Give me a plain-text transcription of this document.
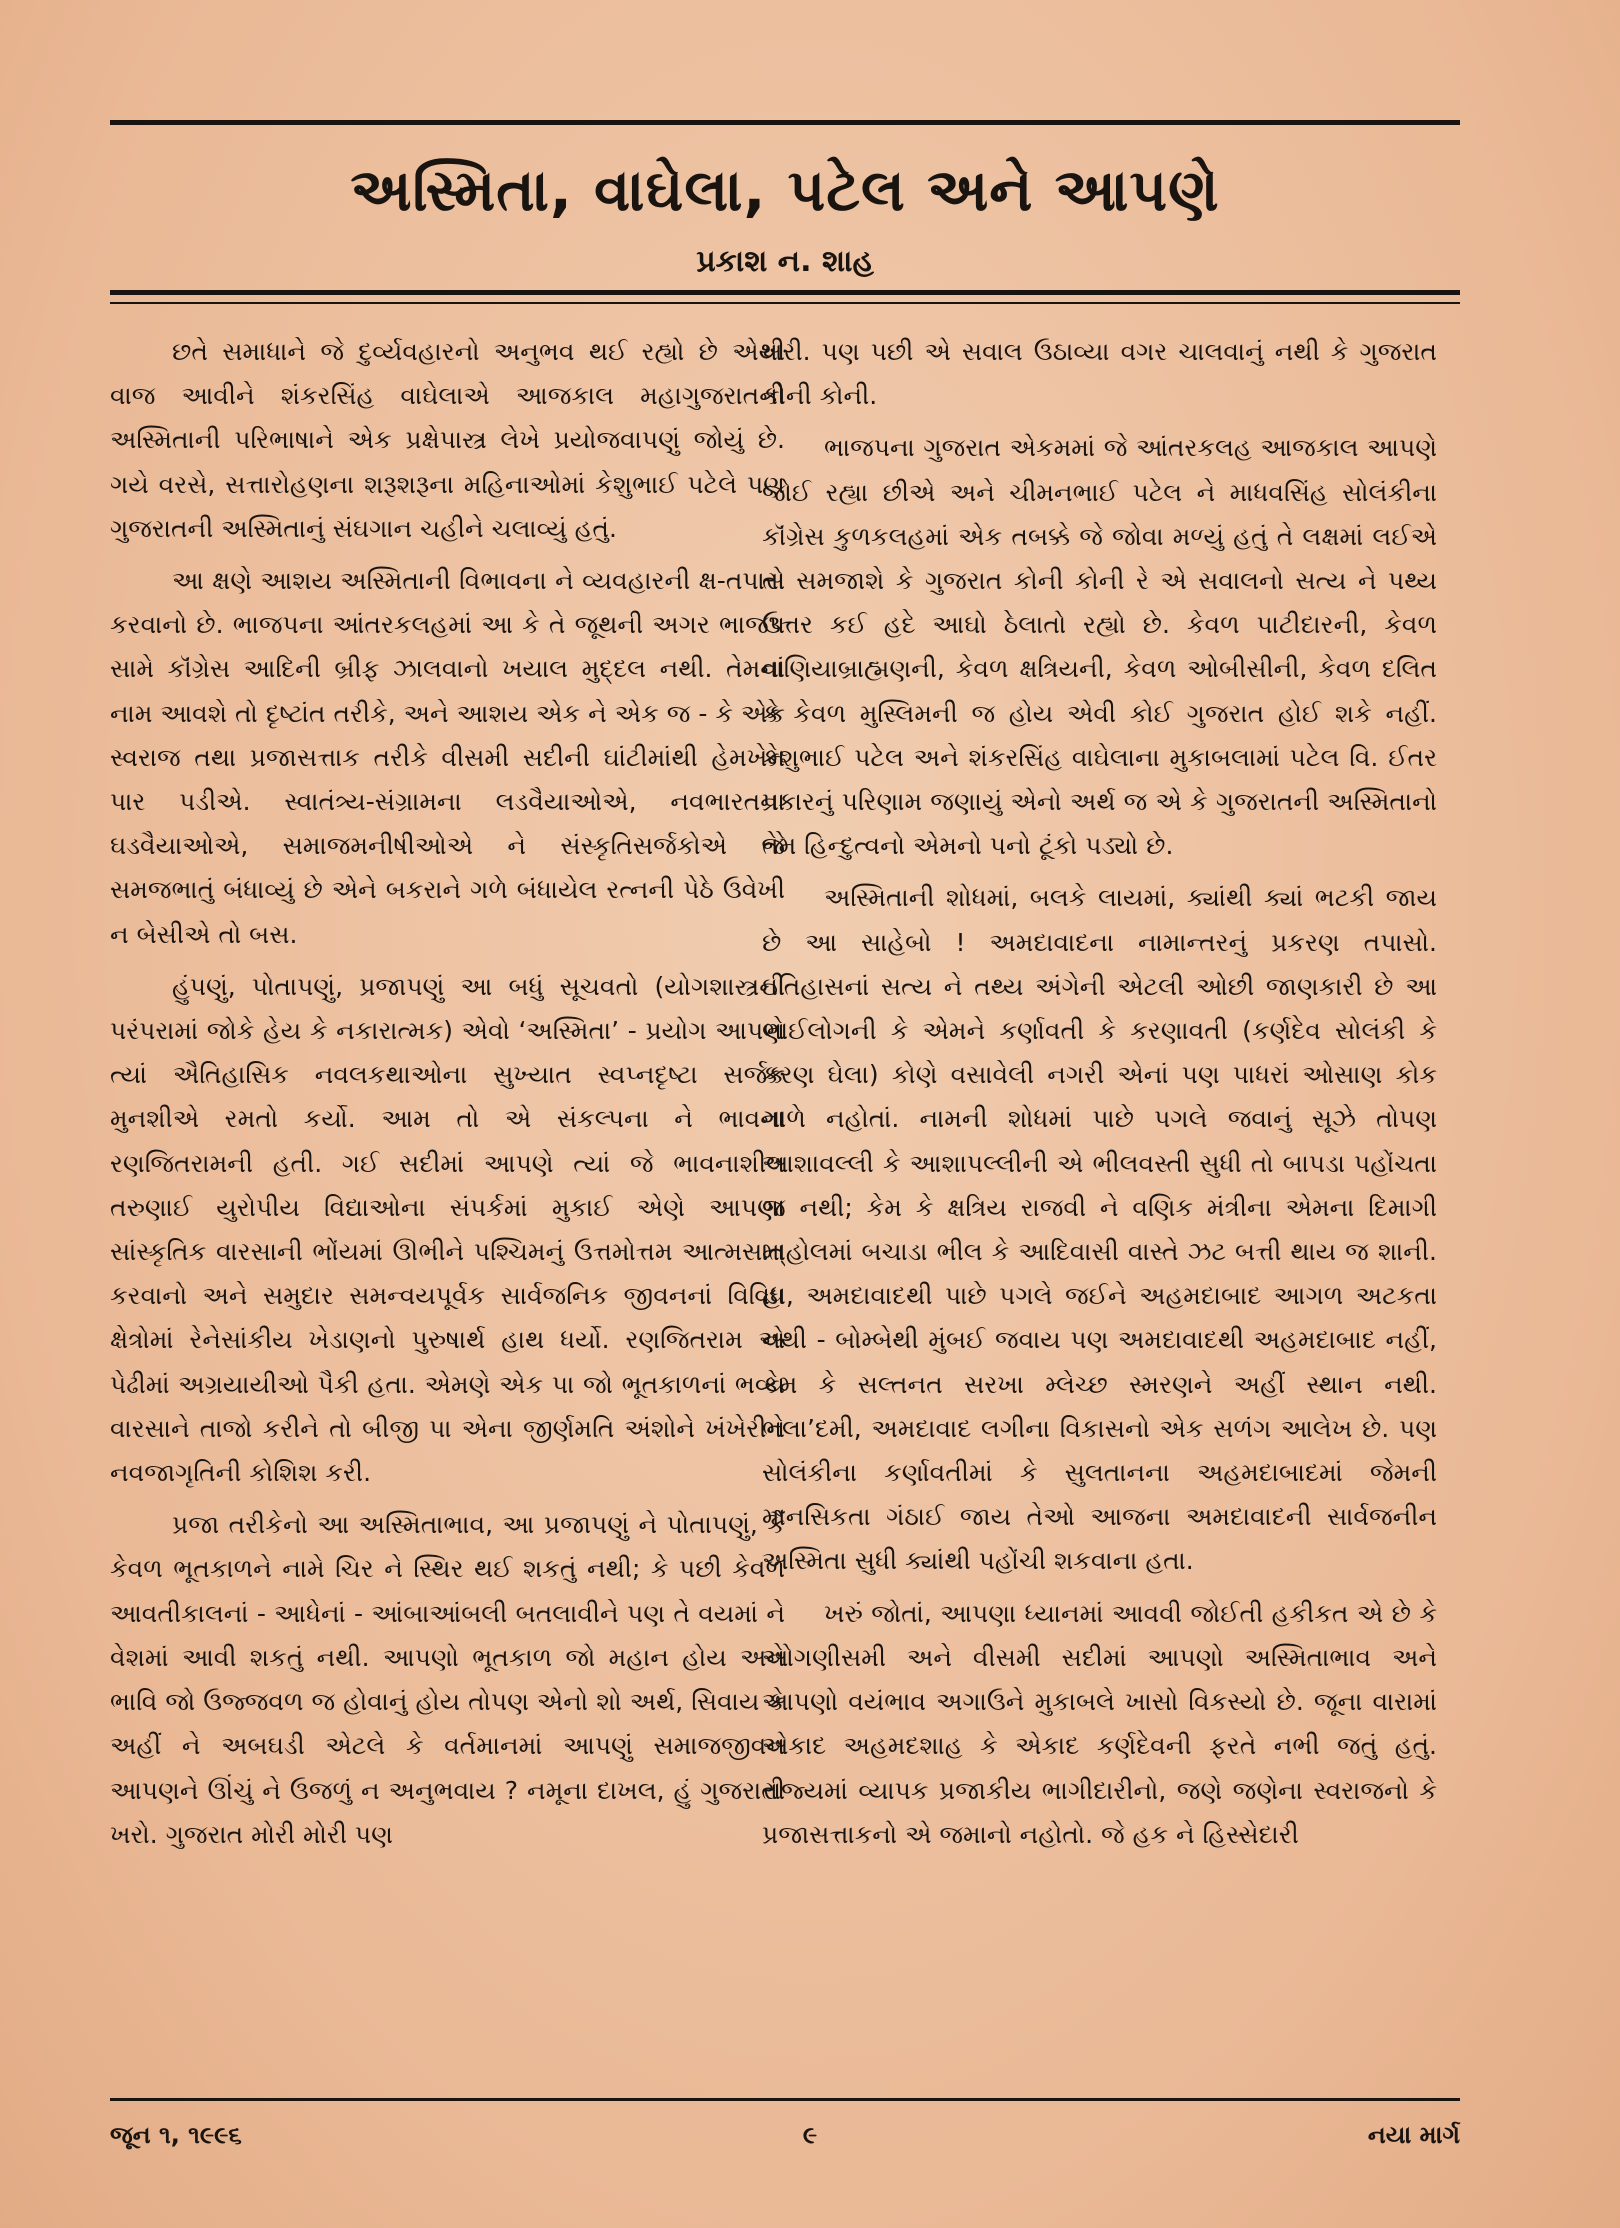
અસ્મિતા, વાઘેલા, પટેલ અને આપણે
પ્રકાશ ન. શાહ

છતે સમાધાને જે દુર્વ્યવહારનો અનુભવ થઈ રહ્યો છે એથી વાજ આવીને શંકરસિંહ વાઘેલાએ આજકાલ મહાગુજરાતની અસ્મિતાની પરિભાષાને એક પ્રક્ષેપાસ્ત્ર લેખે પ્રયોજવાપણું જોયું છે. ગયે વરસે, સત્તારોહણના શરૂશરૂના મહિનાઓમાં કેશુભાઈ પટેલે પણ ગુજરાતની અસ્મિતાનું સંઘગાન ચહીને ચલાવ્યું હતું.

આ ક્ષણે આશય અસ્મિતાની વિભાવના ને વ્યવહારની ક્ષ-તપાસ કરવાનો છે. ભાજપના આંતરકલહમાં આ કે તે જૂથની અગર ભાજપ સામે કૉંગ્રેસ આદિની બ્રીફ ઝાલવાનો ખયાલ મુદ્દલ નથી. તેમનાં નામ આવશે તો દૃષ્ટાંત તરીકે, અને આશય એક ને એક જ - કે એક સ્વરાજ તથા પ્રજાસત્તાક તરીકે વીસમી સદીની ઘાંટીમાંથી હેમખેમ પાર પડીએ. સ્વાતંત્ર્ય-સંગ્રામના લડવૈયાઓએ, નવભારતના ઘડવૈયાઓએ, સમાજમનીષીઓએ ને સંસ્કૃતિસર્જકોએ જે સમજભાતું બંધાવ્યું છે એને બકરાને ગળે બંધાયેલ રત્નની પેઠે ઉવેખી ન બેસીએ તો બસ.

હુંપણું, પોતાપણું, પ્રજાપણું આ બધું સૂચવતો (યોગશાસ્ત્રની પરંપરામાં જોકે હેય કે નકારાત્મક) એવો ‘અસ્મિતા’ - પ્રયોગ આપણે ત્યાં ઐતિહાસિક નવલકથાઓના સુખ્યાત સ્વપ્નદૃષ્ટા સર્જક મુનશીએ રમતો કર્યો. આમ તો એ સંકલ્પના ને ભાવના રણજિતરામની હતી. ગઈ સદીમાં આપણે ત્યાં જે ભાવનાશીલ તરુણાઈ યુરોપીય વિદ્યાઓના સંપર્કમાં મુકાઈ એણે આપણા સાંસ્કૃતિક વારસાની ભોંયમાં ઊભીને પશ્ચિમનું ઉત્તમોત્તમ આત્મસાત્ કરવાનો અને સમુદાર સમન્વયપૂર્વક સાર્વજનિક જીવનનાં વિવિધ ક્ષેત્રોમાં રેનેસાંકીય ખેડાણનો પુરુષાર્થ હાથ ધર્યો. રણજિતરામ એ પેઢીમાં અગ્રયાયીઓ પૈકી હતા. એમણે એક પા જો ભૂતકાળનાં ભવ્ય વારસાને તાજો કરીને તો બીજી પા એના જીર્ણમતિ અંશોને ખંખેરીને નવજાગૃતિની કોશિશ કરી.

પ્રજા તરીકેનો આ અસ્મિતાભાવ, આ પ્રજાપણું ને પોતાપણું, કૈં કેવળ ભૂતકાળને નામે ચિર ને સ્થિર થઈ શકતું નથી; કે પછી કેવળ આવતીકાલનાં - આધેનાં - આંબાઆંબલી બતલાવીને પણ તે વયમાં ને વેશમાં આવી શકતું નથી. આપણો ભૂતકાળ જો મહાન હોય અને ભાવિ જો ઉજ્જવળ જ હોવાનું હોય તોપણ એનો શો અર્થ, સિવાય કે અહીં ને અબઘડી એટલે કે વર્તમાનમાં આપણું સમાજજીવન આપણને ઊંચું ને ઉજળું ન અનુભવાય ? નમૂના દાખલ, હું ગુજરાતી ખરો. ગુજરાત મોરી મોરી પણ

ખરી. પણ પછી એ સવાલ ઉઠાવ્યા વગર ચાલવાનું નથી કે ગુજરાત કોની કોની.

ભાજપના ગુજરાત એકમમાં જે આંતરકલહ આજકાલ આપણે જોઈ રહ્યા છીએ અને ચીમનભાઈ પટેલ ને માધવસિંહ સોલંકીના કૉંગ્રેસ કુળકલહમાં એક તબક્કે જે જોવા મળ્યું હતું તે લક્ષમાં લઈએ તો સમજાશે કે ગુજરાત કોની કોની રે એ સવાલનો સત્ય ને પથ્ય ઉત્તર કઈ હદે આઘો ઠેલાતો રહ્યો છે. કેવળ પાટીદારની, કેવળ વાણિયાબ્રાહ્મણની, કેવળ ક્ષત્રિયની, કેવળ ઓબીસીની, કેવળ દલિત કે કેવળ મુસ્લિમની જ હોય એવી કોઈ ગુજરાત હોઈ શકે નહીં. કેશુભાઈ પટેલ અને શંકરસિંહ વાઘેલાના મુકાબલામાં પટેલ વિ. ઈતર પ્રકારનું પરિણામ જણાયું એનો અર્થ જ એ કે ગુજરાતની અસ્મિતાનો તેમ હિન્દુત્વનો એમનો પનો ટૂંકો પડ્યો છે.

અસ્મિતાની શોધમાં, બલકે લાયમાં, ક્યાંથી ક્યાં ભટકી જાય છે આ સાહેબો ! અમદાવાદના નામાન્તરનું પ્રકરણ તપાસો. ઇતિહાસનાં સત્ય ને તથ્ય અંગેની એટલી ઓછી જાણકારી છે આ ભાઈલોગની કે એમને કર્ણાવતી કે કરણાવતી (કર્ણદેવ સોલંકી કે કરણ ઘેલા) કોણે વસાવેલી નગરી એનાં પણ પાધરાં ઓસાણ કોક ગાળે નહોતાં. નામની શોધમાં પાછે પગલે જવાનું સૂઝે તોપણ આશાવલ્લી કે આશાપલ્લીની એ ભીલવસ્તી સુધી તો બાપડા પહોંચતા જ નથી; કેમ કે ક્ષત્રિય રાજવી ને વણિક મંત્રીના એમના દિમાગી માહોલમાં બચાડા ભીલ કે આદિવાસી વાસ્તે ઝટ બત્તી થાય જ શાની. હા, અમદાવાદથી પાછે પગલે જઈને અહમદાબાદ આગળ અટકતા નથી - બોમ્બેથી મુંબઈ જવાય પણ અમદાવાદથી અહમદાબાદ નહીં, કેમ કે સલ્તનત સરખા મ્લેચ્છ સ્મરણને અહીં સ્થાન નથી. ભલા’દમી, અમદાવાદ લગીના વિકાસનો એક સળંગ આલેખ છે. પણ સોલંકીના કર્ણાવતીમાં કે સુલતાનના અહમદાબાદમાં જેમની માનસિકતા ગંઠાઈ જાય તેઓ આજના અમદાવાદની સાર્વજનીન અસ્મિતા સુધી ક્યાંથી પહોંચી શકવાના હતા.

ખરું જોતાં, આપણા ધ્યાનમાં આવવી જોઈતી હકીકત એ છે કે ઓગણીસમી અને વીસમી સદીમાં આપણો અસ્મિતાભાવ અને આપણો વયંભાવ અગાઉને મુકાબલે ખાસો વિકસ્યો છે. જૂના વારામાં એકાદ અહમદશાહ કે એકાદ કર્ણદેવની ફરતે નભી જતું હતું. રાજ્યમાં વ્યાપક પ્રજાકીય ભાગીદારીનો, જણે જણેના સ્વરાજનો કે પ્રજાસત્તાકનો એ જમાનો નહોતો. જે હક ને હિસ્સેદારી

જૂન ૧, ૧૯૯૬	૯	નયા માર્ગ
